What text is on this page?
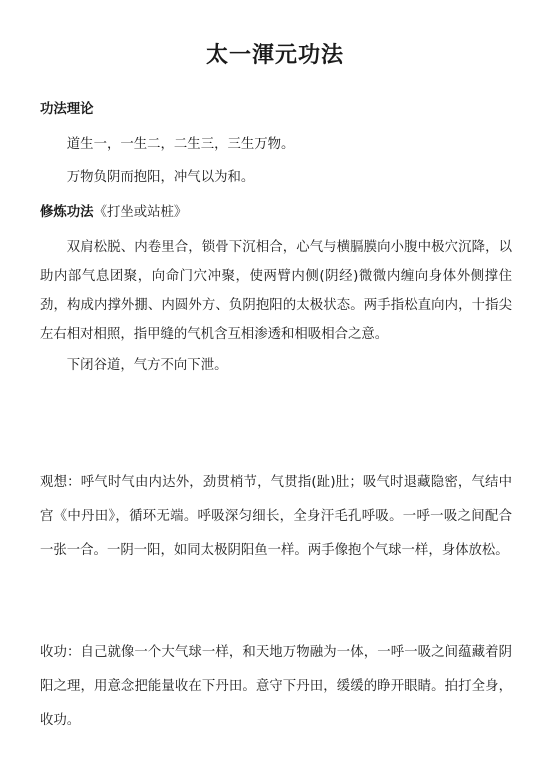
太一渾元功法

功法理论

道生一，一生二，二生三，三生万物。

万物负阴而抱阳，冲气以为和。

修炼功法《打坐或站桩》

双肩松脱、内卷里合，锁骨下沉相合，心气与横膈膜向小腹中极穴沉降，以助内部气息团聚，向命门穴冲聚，使两臂内侧(阴经)微微内缠向身体外侧撑住劲，构成内撑外掤、内圆外方、负阴抱阳的太极状态。两手指松直向内，十指尖左右相对相照，指甲缝的气机含互相渗透和相吸相合之意。

下闭谷道，气方不向下泄。

观想：呼气时气由内达外，劲贯梢节，气贯指(趾)肚；吸气时退藏隐密，气结中宫《中丹田》，循环无端。呼吸深匀细长，全身汗毛孔呼吸。一呼一吸之间配合一张一合。一阴一阳，如同太极阴阳鱼一样。两手像抱个气球一样，身体放松。
收功：自己就像一个大气球一样，和天地万物融为一体，一呼一吸之间蕴藏着阴阳之理，用意念把能量收在下丹田。意守下丹田，缓缓的睁开眼睛。拍打全身，收功。
